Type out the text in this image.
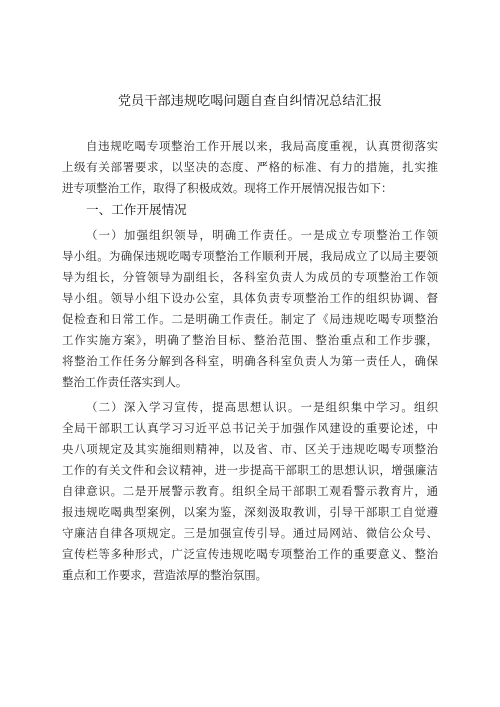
党员干部违规吃喝问题自查自纠情况总结汇报
自违规吃喝专项整治工作开展以来，我局高度重视，认真贯彻落实
上级有关部署要求，以坚决的态度、严格的标准、有力的措施，扎实推
进专项整治工作，取得了积极成效。现将工作开展情况报告如下：
一、工作开展情况
（一）加强组织领导，明确工作责任。一是成立专项整治工作领
导小组。为确保违规吃喝专项整治工作顺利开展，我局成立了以局主要领
导为组长，分管领导为副组长，各科室负责人为成员的专项整治工作领
导小组。领导小组下设办公室，具体负责专项整治工作的组织协调、督
促检查和日常工作。二是明确工作责任。制定了《局违规吃喝专项整治
工作实施方案》，明确了整治目标、整治范围、整治重点和工作步骤，
将整治工作任务分解到各科室，明确各科室负责人为第一责任人，确保
整治工作责任落实到人。
（二）深入学习宣传，提高思想认识。一是组织集中学习。组织
全局干部职工认真学习习近平总书记关于加强作风建设的重要论述，中
央八项规定及其实施细则精神，以及省、市、区关于违规吃喝专项整治
工作的有关文件和会议精神，进一步提高干部职工的思想认识，增强廉洁
自律意识。二是开展警示教育。组织全局干部职工观看警示教育片，通
报违规吃喝典型案例，以案为鉴，深刻汲取教训，引导干部职工自觉遵
守廉洁自律各项规定。三是加强宣传引导。通过局网站、微信公众号、
宣传栏等多种形式，广泛宣传违规吃喝专项整治工作的重要意义、整治
重点和工作要求，营造浓厚的整治氛围。
